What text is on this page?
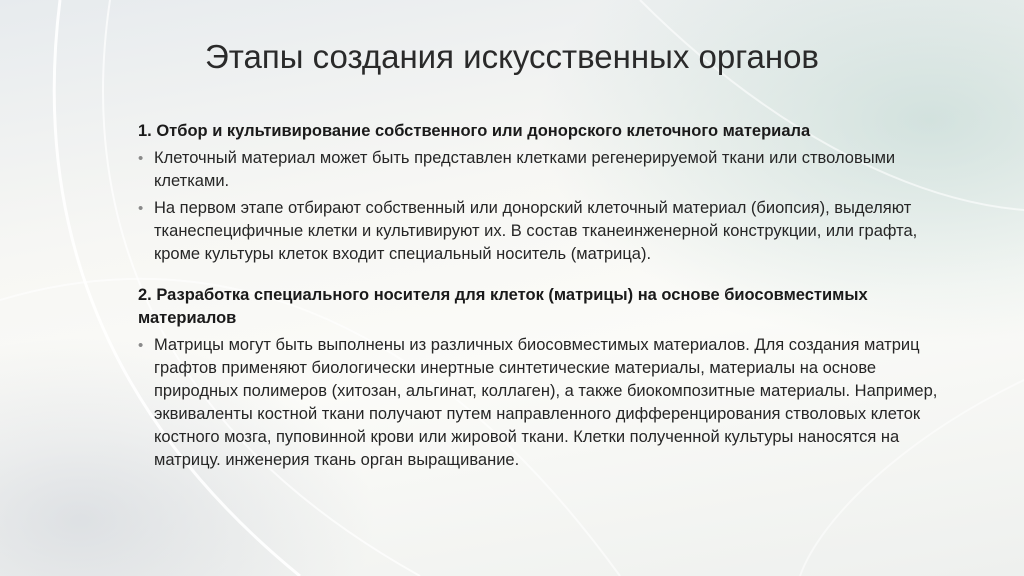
Этапы создания искусственных органов

1. Отбор и культивирование собственного или донорского клеточного материала

• Клеточный материал может быть представлен клетками регенерируемой ткани или стволовыми клетками.
• На первом этапе отбирают собственный или донорский клеточный материал (биопсия), выделяют тканеспецифичные клетки и культивируют их. В состав тканеинженерной конструкции, или графта, кроме культуры клеток входит специальный носитель (матрица).

2. Разработка специального носителя для клеток (матрицы) на основе биосовместимых материалов

• Матрицы могут быть выполнены из различных биосовместимых материалов. Для создания матриц графтов применяют биологически инертные синтетические материалы, материалы на основе природных полимеров (хитозан, альгинат, коллаген), а также биокомпозитные материалы. Например, эквиваленты костной ткани получают путем направленного дифференцирования стволовых клеток костного мозга, пуповинной крови или жировой ткани. Клетки полученной культуры наносятся на матрицу. инженерия ткань орган выращивание.
